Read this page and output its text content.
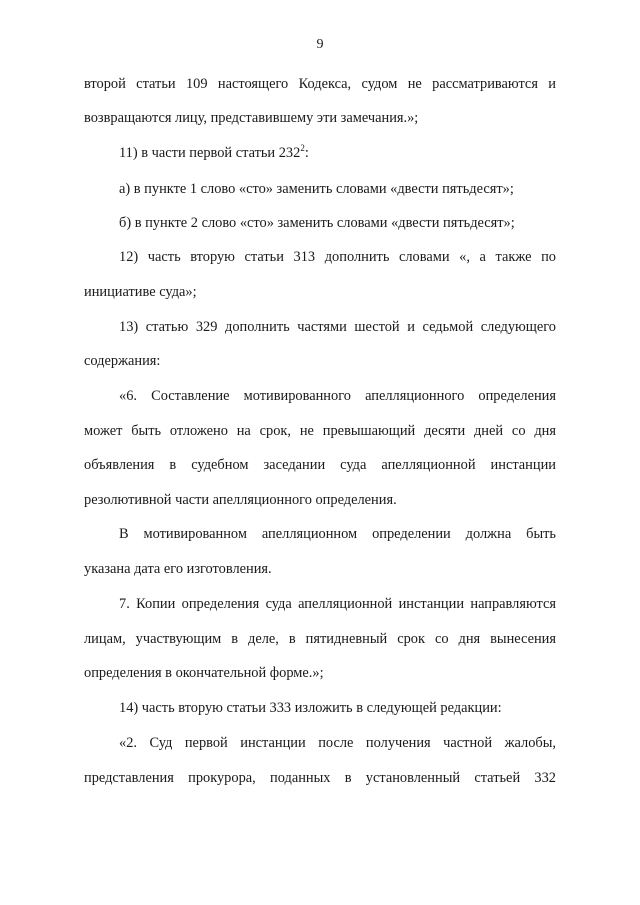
9
второй статьи 109 настоящего Кодекса, судом не рассматриваются и
возвращаются лицу, представившему эти замечания.»;
11) в части первой статьи $232^2$:
а) в пункте 1 слово «сто» заменить словами «двести пятьдесят»;
б) в пункте 2 слово «сто» заменить словами «двести пятьдесят»;
12) часть вторую статьи 313 дополнить словами «, а также по
инициативе суда»;
13) статью 329 дополнить частями шестой и седьмой следующего
содержания:
«6. Составление мотивированного апелляционного определения
может быть отложено на срок, не превышающий десяти дней со дня
объявления в судебном заседании суда апелляционной инстанции
резолютивной части апелляционного определения.
В мотивированном апелляционном определении должна быть
указана дата его изготовления.
7. Копии определения суда апелляционной инстанции направляются
лицам, участвующим в деле, в пятидневный срок со дня вынесения
определения в окончательной форме.»;
14) часть вторую статьи 333 изложить в следующей редакции:
«2. Суд первой инстанции после получения частной жалобы,
представления прокурора, поданных в установленный статьей 332
